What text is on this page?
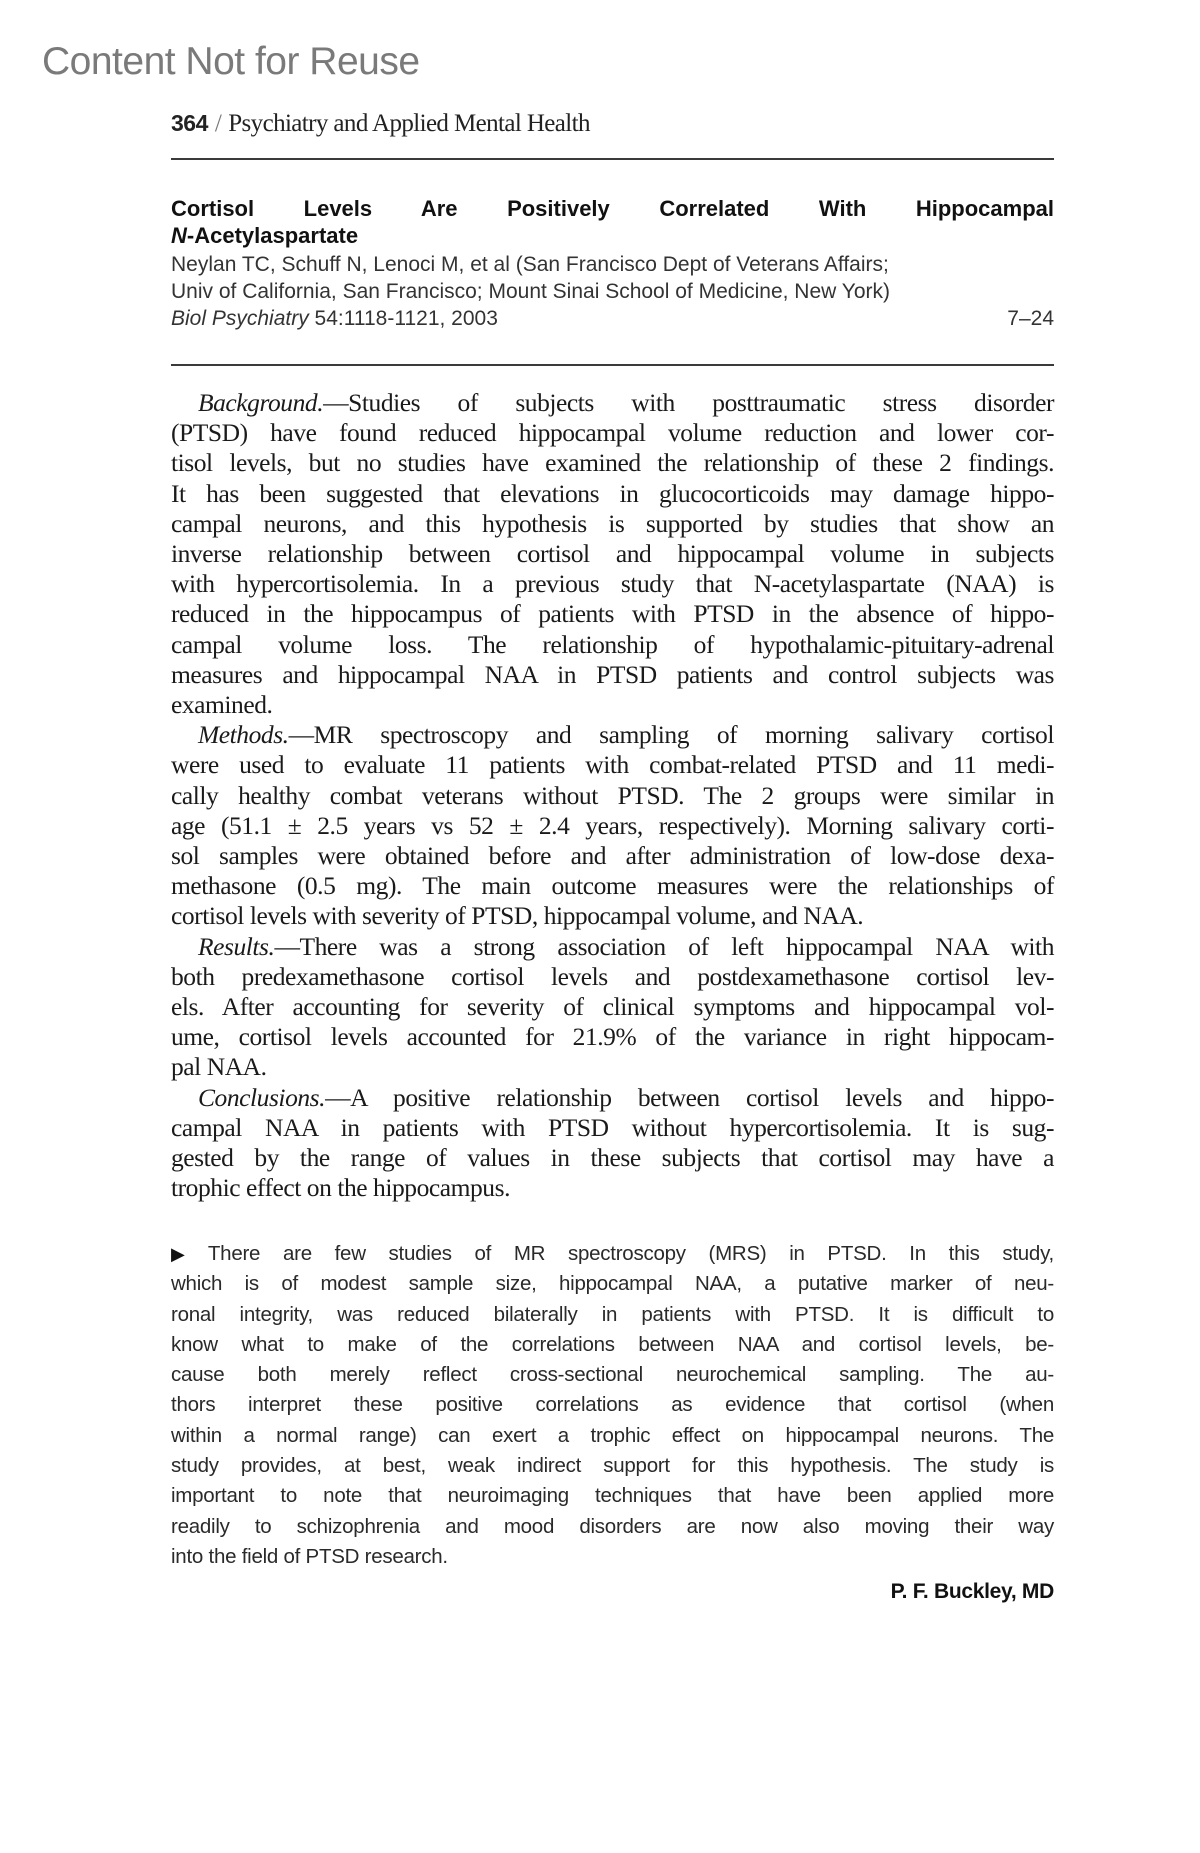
Content Not for Reuse
364 / Psychiatry and Applied Mental Health
Cortisol Levels Are Positively Correlated With Hippocampal
N-Acetylaspartate
Neylan TC, Schuff N, Lenoci M, et al (San Francisco Dept of Veterans Affairs;
Univ of California, San Francisco; Mount Sinai School of Medicine, New York)
Biol Psychiatry 54:1118-1121, 2003	7–24

Background.—Studies of subjects with posttraumatic stress disorder
(PTSD) have found reduced hippocampal volume reduction and lower cor-
tisol levels, but no studies have examined the relationship of these 2 findings.
It has been suggested that elevations in glucocorticoids may damage hippo-
campal neurons, and this hypothesis is supported by studies that show an
inverse relationship between cortisol and hippocampal volume in subjects
with hypercortisolemia. In a previous study that N-acetylaspartate (NAA) is
reduced in the hippocampus of patients with PTSD in the absence of hippo-
campal volume loss. The relationship of hypothalamic-pituitary-adrenal
measures and hippocampal NAA in PTSD patients and control subjects was
examined.

Methods.—MR spectroscopy and sampling of morning salivary cortisol
were used to evaluate 11 patients with combat-related PTSD and 11 medi-
cally healthy combat veterans without PTSD. The 2 groups were similar in
age (51.1 ± 2.5 years vs 52 ± 2.4 years, respectively). Morning salivary corti-
sol samples were obtained before and after administration of low-dose dexa-
methasone (0.5 mg). The main outcome measures were the relationships of
cortisol levels with severity of PTSD, hippocampal volume, and NAA.

Results.—There was a strong association of left hippocampal NAA with
both predexamethasone cortisol levels and postdexamethasone cortisol lev-
els. After accounting for severity of clinical symptoms and hippocampal vol-
ume, cortisol levels accounted for 21.9% of the variance in right hippocam-
pal NAA.

Conclusions.—A positive relationship between cortisol levels and hippo-
campal NAA in patients with PTSD without hypercortisolemia. It is sug-
gested by the range of values in these subjects that cortisol may have a
trophic effect on the hippocampus.

▶ There are few studies of MR spectroscopy (MRS) in PTSD. In this study,
which is of modest sample size, hippocampal NAA, a putative marker of neu-
ronal integrity, was reduced bilaterally in patients with PTSD. It is difficult to
know what to make of the correlations between NAA and cortisol levels, be-
cause both merely reflect cross-sectional neurochemical sampling. The au-
thors interpret these positive correlations as evidence that cortisol (when
within a normal range) can exert a trophic effect on hippocampal neurons. The
study provides, at best, weak indirect support for this hypothesis. The study is
important to note that neuroimaging techniques that have been applied more
readily to schizophrenia and mood disorders are now also moving their way
into the field of PTSD research.
P. F. Buckley, MD
